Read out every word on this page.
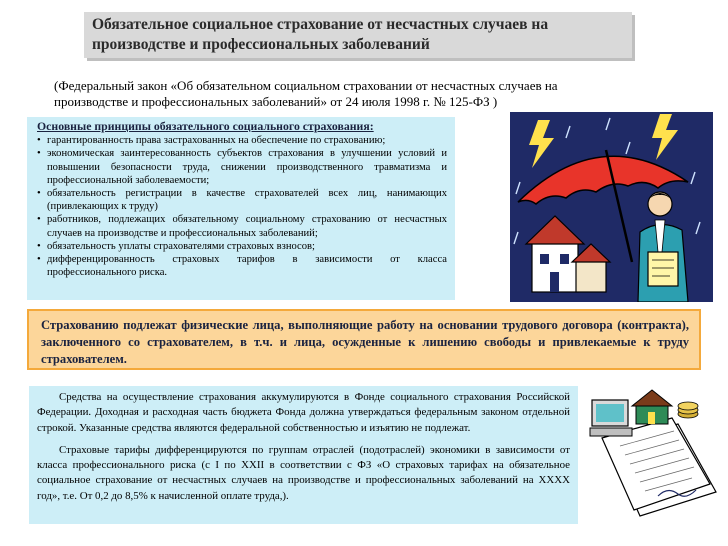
Обязательное социальное страхование от несчастных случаев на
производстве и профессиональных заболеваний
(Федеральный закон «Об обязательном социальном страховании от несчастных случаев на
производстве и профессиональных заболеваний» от 24 июля 1998 г. № 125-ФЗ )
Основные принципы обязательного социального страхования:
• гарантированность права застрахованных на обеспечение по страхованию;
• экономическая заинтересованность субъектов страхования в улучшении условий и повышении безопасности труда, снижении производственного травматизма и профессиональной заболеваемости;
• обязательность регистрации в качестве страхователей всех лиц, нанимающих (привлекающих к труду)
• работников, подлежащих обязательному социальному страхованию от несчастных случаев на производстве и профессиональных заболеваний;
• обязательность уплаты страхователями страховых взносов;
• дифференцированность страховых тарифов в зависимости от класса профессионального риска.
Страхованию подлежат физические лица, выполняющие работу на основании трудового договора (контракта), заключенного со страхователем, в т.ч. и лица, осужденные к лишению свободы и привлекаемые к труду страхователем.

Средства на осуществление страхования аккумулируются в Фонде социального страхования Российской Федерации. Доходная и расходная часть бюджета Фонда должна утверждаться федеральным законом отдельной строкой. Указанные средства являются федеральной собственностью и изъятию не подлежат.

Страховые тарифы дифференцируются по группам отраслей (подотраслей) экономики в зависимости от класса профессионального риска (с I по XXII в соответствии с ФЗ «О страховых тарифах на обязательное социальное страхование от несчастных случаев на производстве и профессиональных заболеваний на XXXX год», т.е. От 0,2 до 8,5% к начисленной оплате труда,).
